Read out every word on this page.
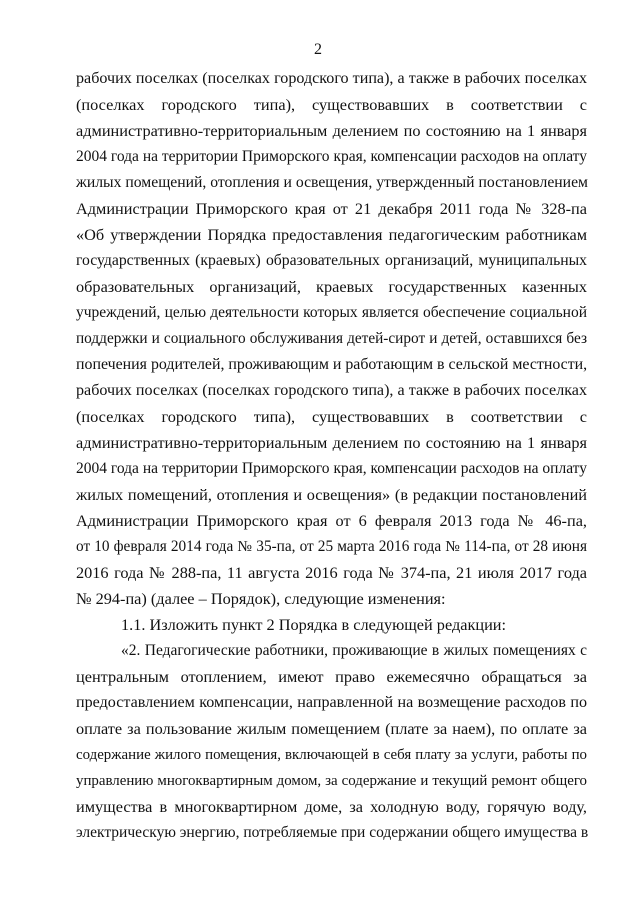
2
рабочих поселках (поселках городского типа), а также в рабочих поселках
(поселках городского типа), существовавших в соответствии с
административно-территориальным делением по состоянию на 1 января
2004 года на территории Приморского края, компенсации расходов на оплату
жилых помещений, отопления и освещения, утвержденный постановлением
Администрации Приморского края от 21 декабря 2011 года № 328-па
«Об утверждении Порядка предоставления педагогическим работникам
государственных (краевых) образовательных организаций, муниципальных
образовательных организаций, краевых государственных казенных
учреждений, целью деятельности которых является обеспечение социальной
поддержки и социального обслуживания детей-сирот и детей, оставшихся без
попечения родителей, проживающим и работающим в сельской местности,
рабочих поселках (поселках городского типа), а также в рабочих поселках
(поселках городского типа), существовавших в соответствии с
административно-территориальным делением по состоянию на 1 января
2004 года на территории Приморского края, компенсации расходов на оплату
жилых помещений, отопления и освещения» (в редакции постановлений
Администрации Приморского края от 6 февраля 2013 года № 46-па,
от 10 февраля 2014 года № 35-па, от 25 марта 2016 года № 114-па, от 28 июня
2016 года № 288-па, 11 августа 2016 года № 374-па, 21 июля 2017 года
№ 294-па) (далее – Порядок), следующие изменения:
1.1. Изложить пункт 2 Порядка в следующей редакции:
«2. Педагогические работники, проживающие в жилых помещениях с
центральным отоплением, имеют право ежемесячно обращаться за
предоставлением компенсации, направленной на возмещение расходов по
оплате за пользование жилым помещением (плате за наем), по оплате за
содержание жилого помещения, включающей в себя плату за услуги, работы по
управлению многоквартирным домом, за содержание и текущий ремонт общего
имущества в многоквартирном доме, за холодную воду, горячую воду,
электрическую энергию, потребляемые при содержании общего имущества в
